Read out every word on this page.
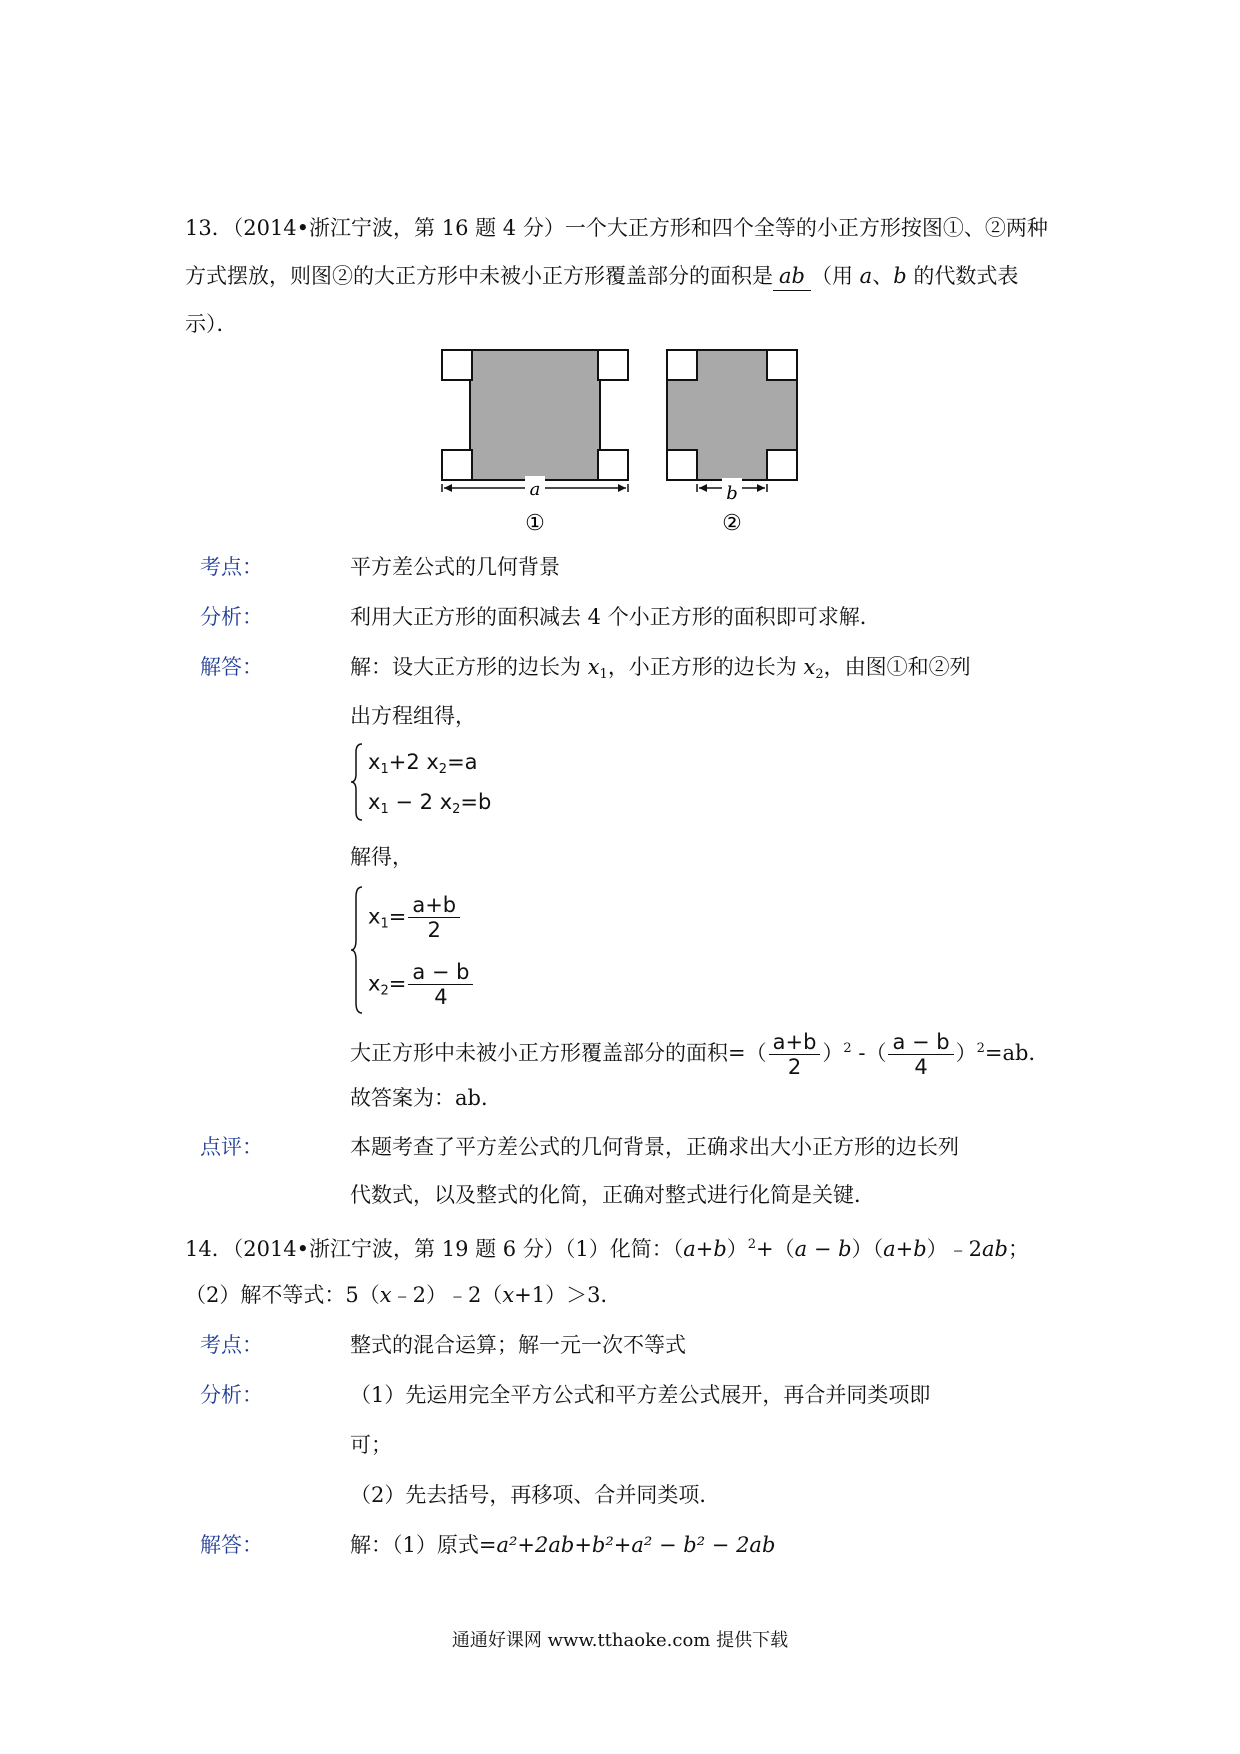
13．（2014•浙江宁波，第 16 题 4 分）一个大正方形和四个全等的小正方形按图①、②两种
方式摆放，则图②的大正方形中未被小正方形覆盖部分的面积是 ab （用 a、b 的代数式表
示）．
a
①
b
②
考点：	平方差公式的几何背景
分析：	利用大正方形的面积减去 4 个小正方形的面积即可求解．
解答：	解：设大正方形的边长为 $x_1$，小正方形的边长为 $x_2$，由图①和②列
出方程组得，
$x_1+2$ $x_2=a$
$x_1 - 2$ $x_2=b$
解得，
$x_1= \frac{a+b}{2}$
$x_2= \frac{a - b}{4}$
大正方形中未被小正方形覆盖部分的面积=（ $\frac{a+b}{2} )^2$ -（ $\frac{a - b}{4} )^2=ab$．
故答案为：ab．
点评：	本题考查了平方差公式的几何背景，正确求出大小正方形的边长列
代数式，以及整式的化简，正确对整式进行化简是关键．
14．（2014•浙江宁波，第 19 题 6 分）（1）化简：$(a+b)^2+(a$ − b）（a+b）﹣2ab；
（2）解不等式：5（x﹣2）﹣2（x+1）＞3．
考点：	整式的混合运算；解一元一次不等式
分析：	（1）先运用完全平方公式和平方差公式展开，再合并同类项即
可；
（2）先去括号，再移项、合并同类项．
解答：	解：（1）原式=a²+2ab+b²+a² − b² − 2ab
通通好课网 www.tthaoke.com 提供下载
